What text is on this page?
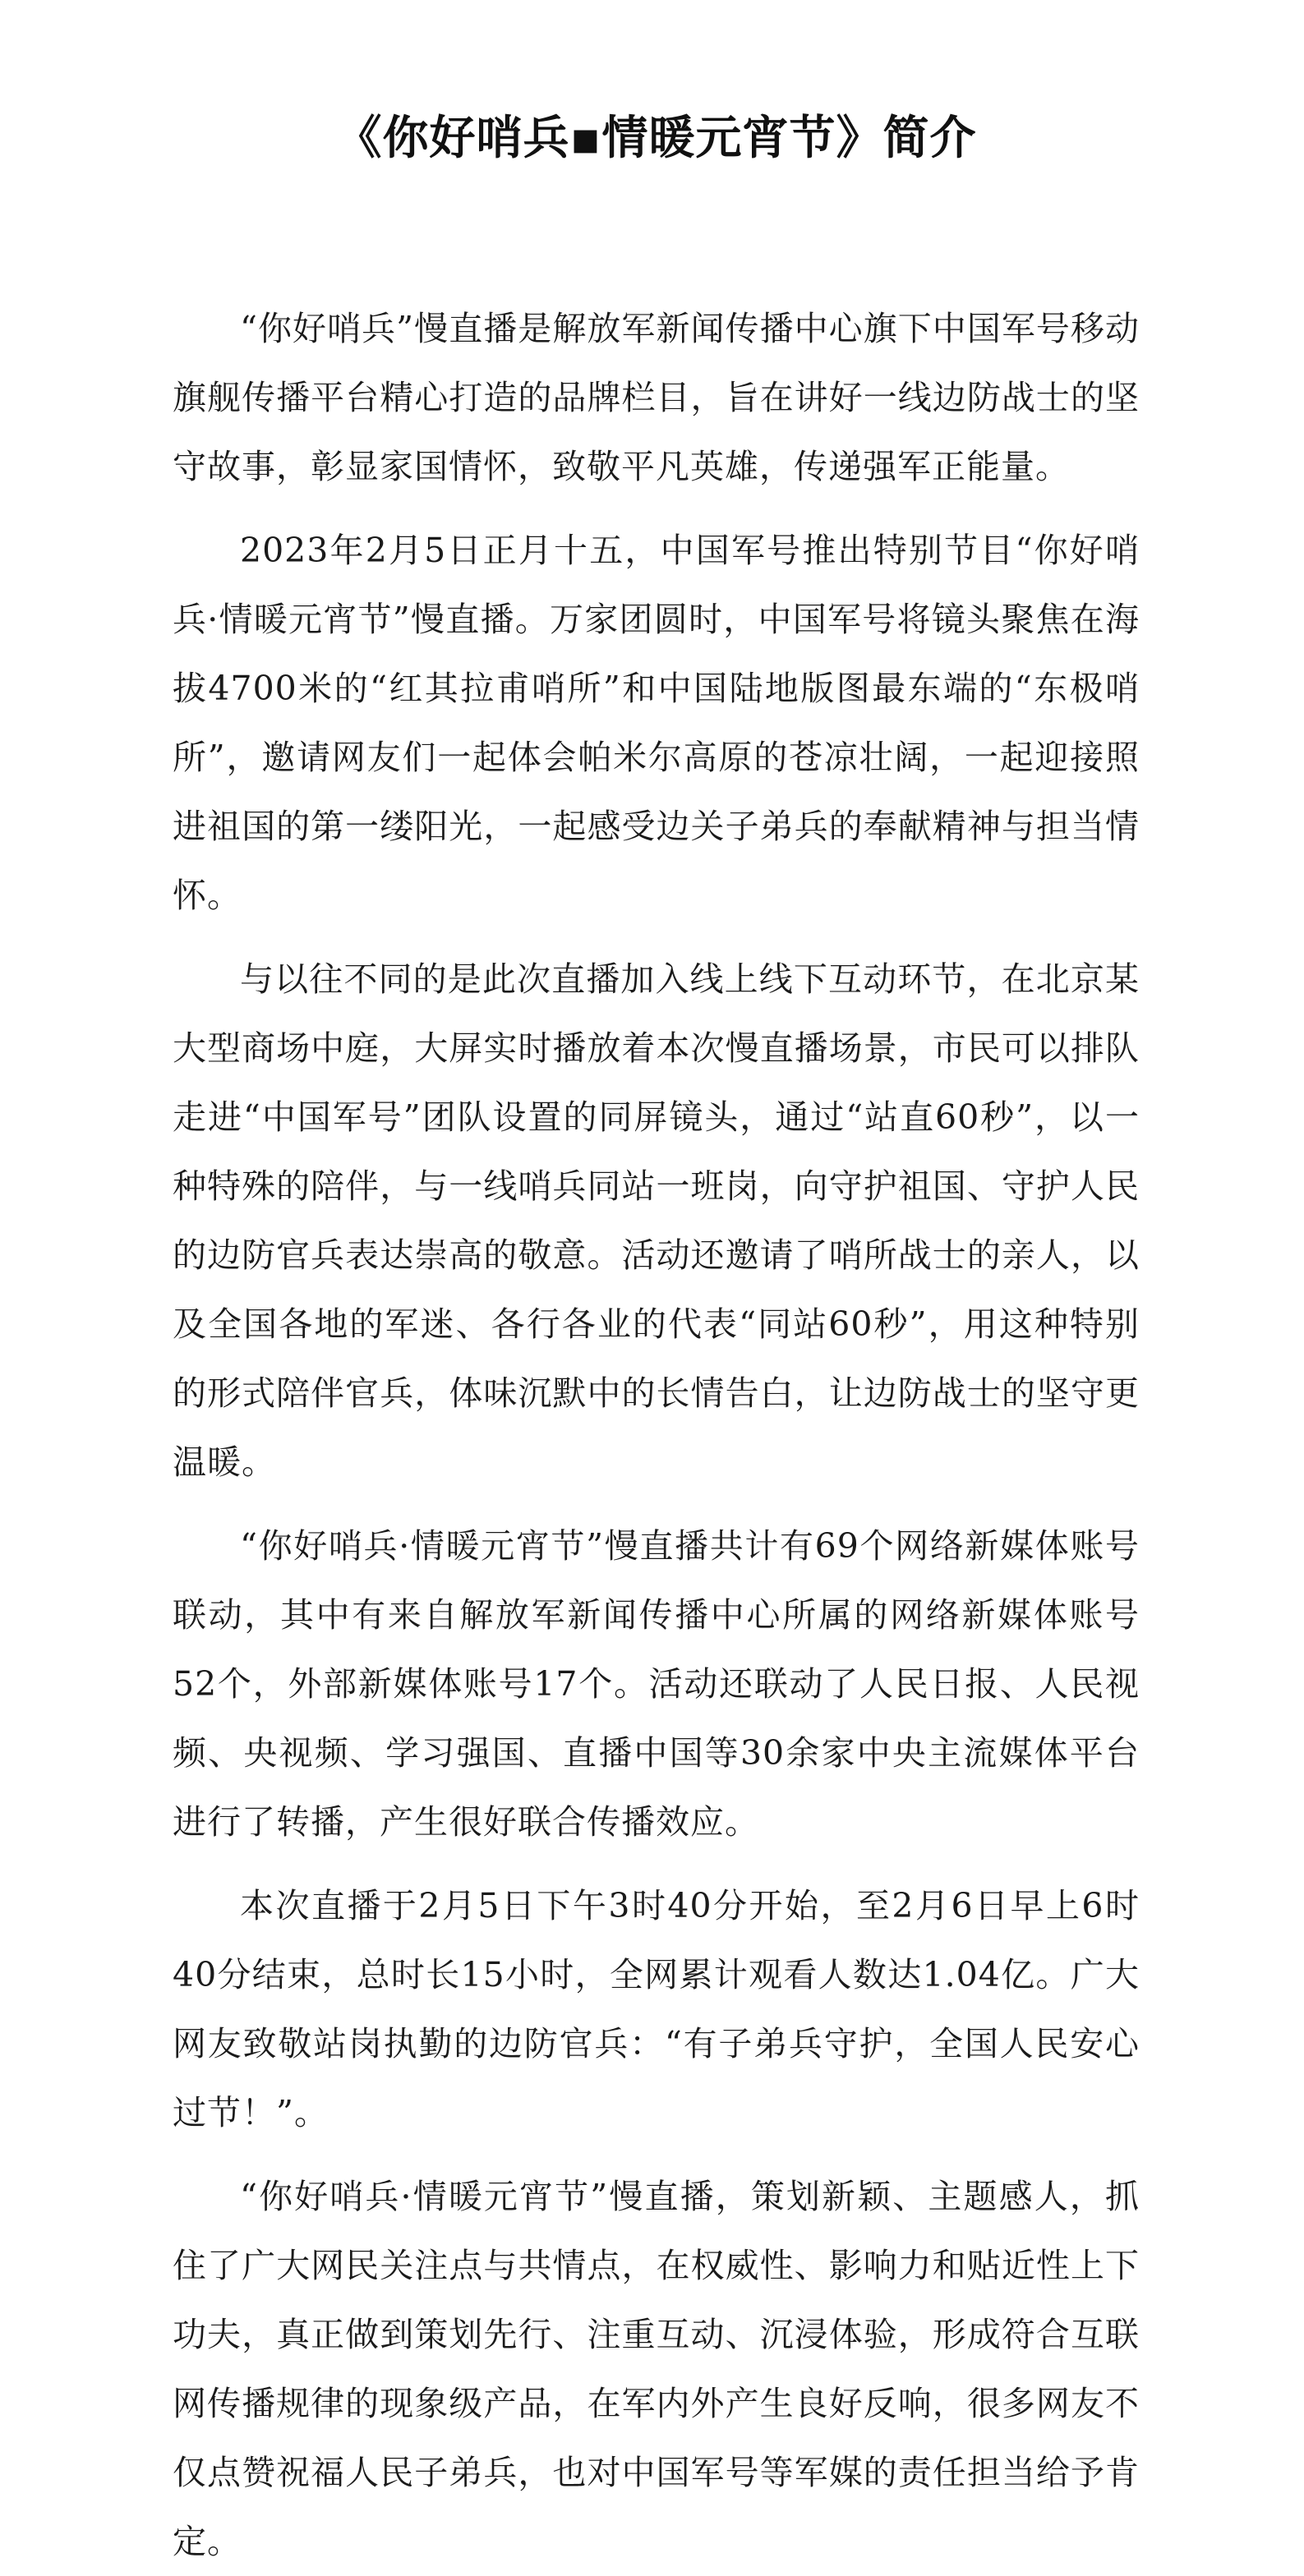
《你好哨兵▪情暖元宵节》简介

“你好哨兵”慢直播是解放军新闻传播中心旗下中国军号移动旗舰传播平台精心打造的品牌栏目，旨在讲好一线边防战士的坚守故事，彰显家国情怀，致敬平凡英雄，传递强军正能量。

2023年2月5日正月十五，中国军号推出特别节目“你好哨兵·情暖元宵节”慢直播。万家团圆时，中国军号将镜头聚焦在海拔4700米的“红其拉甫哨所”和中国陆地版图最东端的“东极哨所”，邀请网友们一起体会帕米尔高原的苍凉壮阔，一起迎接照进祖国的第一缕阳光，一起感受边关子弟兵的奉献精神与担当情怀。

与以往不同的是此次直播加入线上线下互动环节，在北京某大型商场中庭，大屏实时播放着本次慢直播场景，市民可以排队走进“中国军号”团队设置的同屏镜头，通过“站直60秒”，以一种特殊的陪伴，与一线哨兵同站一班岗，向守护祖国、守护人民的边防官兵表达崇高的敬意。活动还邀请了哨所战士的亲人，以及全国各地的军迷、各行各业的代表“同站60秒”，用这种特别的形式陪伴官兵，体味沉默中的长情告白，让边防战士的坚守更温暖。

“你好哨兵·情暖元宵节”慢直播共计有69个网络新媒体账号联动，其中有来自解放军新闻传播中心所属的网络新媒体账号52个，外部新媒体账号17个。活动还联动了人民日报、人民视频、央视频、学习强国、直播中国等30余家中央主流媒体平台进行了转播，产生很好联合传播效应。

本次直播于2月5日下午3时40分开始，至2月6日早上6时40分结束，总时长15小时，全网累计观看人数达1.04亿。广大网友致敬站岗执勤的边防官兵：“有子弟兵守护，全国人民安心过节！”。

“你好哨兵·情暖元宵节”慢直播，策划新颖、主题感人，抓住了广大网民关注点与共情点，在权威性、影响力和贴近性上下功夫，真正做到策划先行、注重互动、沉浸体验，形成符合互联网传播规律的现象级产品，在军内外产生良好反响，很多网友不仅点赞祝福人民子弟兵，也对中国军号等军媒的责任担当给予肯定。
